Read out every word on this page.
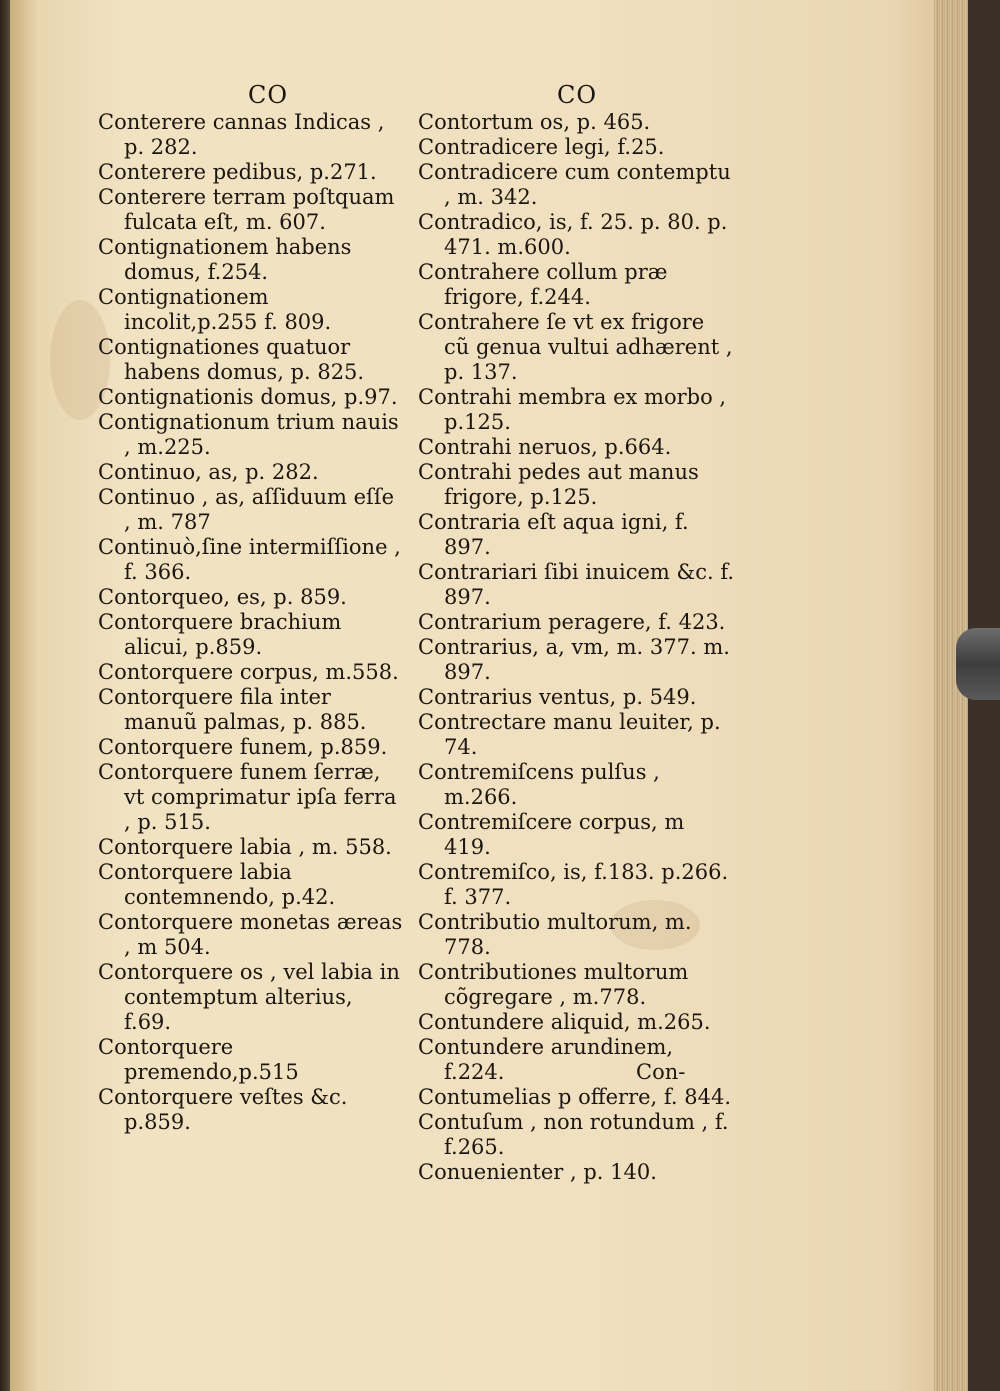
CO

Conterere cannas Indicas , p. 282.

Conterere pedibus, p.271.

Conterere terram poſtquam fulcata eſt, m. 607.

Contignationem habens domus, f.254.

Contignationem incolit,p.255 f. 809.

Contignationes quatuor habens domus, p. 825.

Contignationis domus, p.97.

Contignationum trium nauis , m.225.

Continuo, as, p. 282.

Continuo , as, aſſiduum eſſe , m. 787

Continuò,ſine intermiſſione , f. 366.

Contorqueo, es, p. 859.

Contorquere brachium alicui, p.859.

Contorquere corpus, m.558.

Contorquere fila inter manuũ palmas, p. 885.

Contorquere funem, p.859.

Contorquere funem ſerræ, vt comprimatur ipſa ferra , p. 515.

Contorquere labia , m. 558.

Contorquere labia contemnendo, p.42.

Contorquere monetas æreas , m 504.

Contorquere os , vel labia in contemptum alterius, f.69.

Contorquere premendo,p.515

Contorquere veſtes &c. p.859.

CO

Contortum os, p. 465.

Contradicere legi, f.25.

Contradicere cum contemptu , m. 342.

Contradico, is, f. 25. p. 80. p. 471. m.600.

Contrahere collum præ frigore, f.244.

Contrahere ſe vt ex frigore cũ genua vultui adhærent , p. 137.

Contrahi membra ex morbo , p.125.

Contrahi neruos, p.664.

Contrahi pedes aut manus frigore, p.125.

Contraria eſt aqua igni, f. 897.

Contrariari ſibi inuicem &c. f. 897.

Contrarium peragere, f. 423.

Contrarius, a, vm, m. 377. m. 897.

Contrarius ventus, p. 549.

Contrectare manu leuiter, p. 74.

Contremiſcens pulſus , m.266.

Contremiſcere corpus, m 419.

Contremiſco, is, f.183. p.266. f. 377.

Contributio multorum, m. 778.

Contributiones multorum cõgregare , m.778.

Contundere aliquid, m.265.

Contundere arundinem, f.224.

Contumelias p offerre, f. 844.

Contuſum , non rotundum , f. f.265.

Conuenienter , p. 140.

Con-
